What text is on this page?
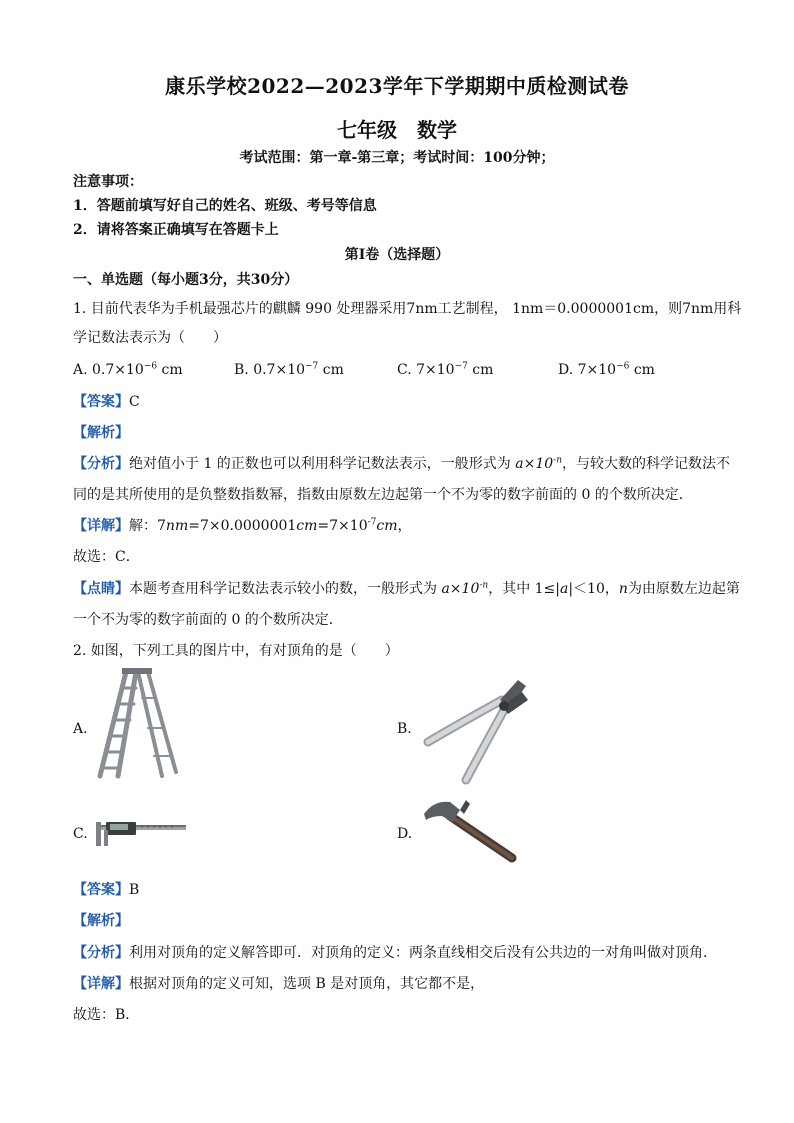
康乐学校2022—2023学年下学期期中质检测试卷
七年级　数学
考试范围：第一章-第三章；考试时间：100分钟；
注意事项：
1．答题前填写好自己的姓名、班级、考号等信息
2．请将答案正确填写在答题卡上
第Ⅰ卷（选择题）
一、单选题（每小题3分，共30分）
1. 目前代表华为手机最强芯片的麒麟 990 处理器采用7nm工艺制程， 1nm＝0.0000001cm，则7nm用科
学记数法表示为（　　）
A. $0.7\times 10^{-6}$ cm	B. $0.7\times 10^{-7}$ cm	C. $7\times 10^{-7}$ cm	D. $7\times 10^{-6}$ cm
【答案】C
【解析】
【分析】绝对值小于 1 的正数也可以利用科学记数法表示，一般形式为 $a\times 10^{-n}$，与较大数的科学记数法不
同的是其所使用的是负整数指数幂，指数由原数左边起第一个不为零的数字前面的 0 的个数所决定．
【详解】解：$7nm=7\times 0.0000001cm=7\times 10^{-7}cm$，
故选：C．
【点睛】本题考查用科学记数法表示较小的数，一般形式为 $a\times 10^{-n}$，其中 1≤|a|＜10，n为由原数左边起第
一个不为零的数字前面的 0 的个数所决定．
2. 如图，下列工具的图片中，有对顶角的是（　　）
A.	B.
C.	D.
【答案】B
【解析】
【分析】利用对顶角的定义解答即可．对顶角的定义：两条直线相交后没有公共边的一对角叫做对顶角．
【详解】根据对顶角的定义可知，选项 B 是对顶角，其它都不是，
故选：B．
